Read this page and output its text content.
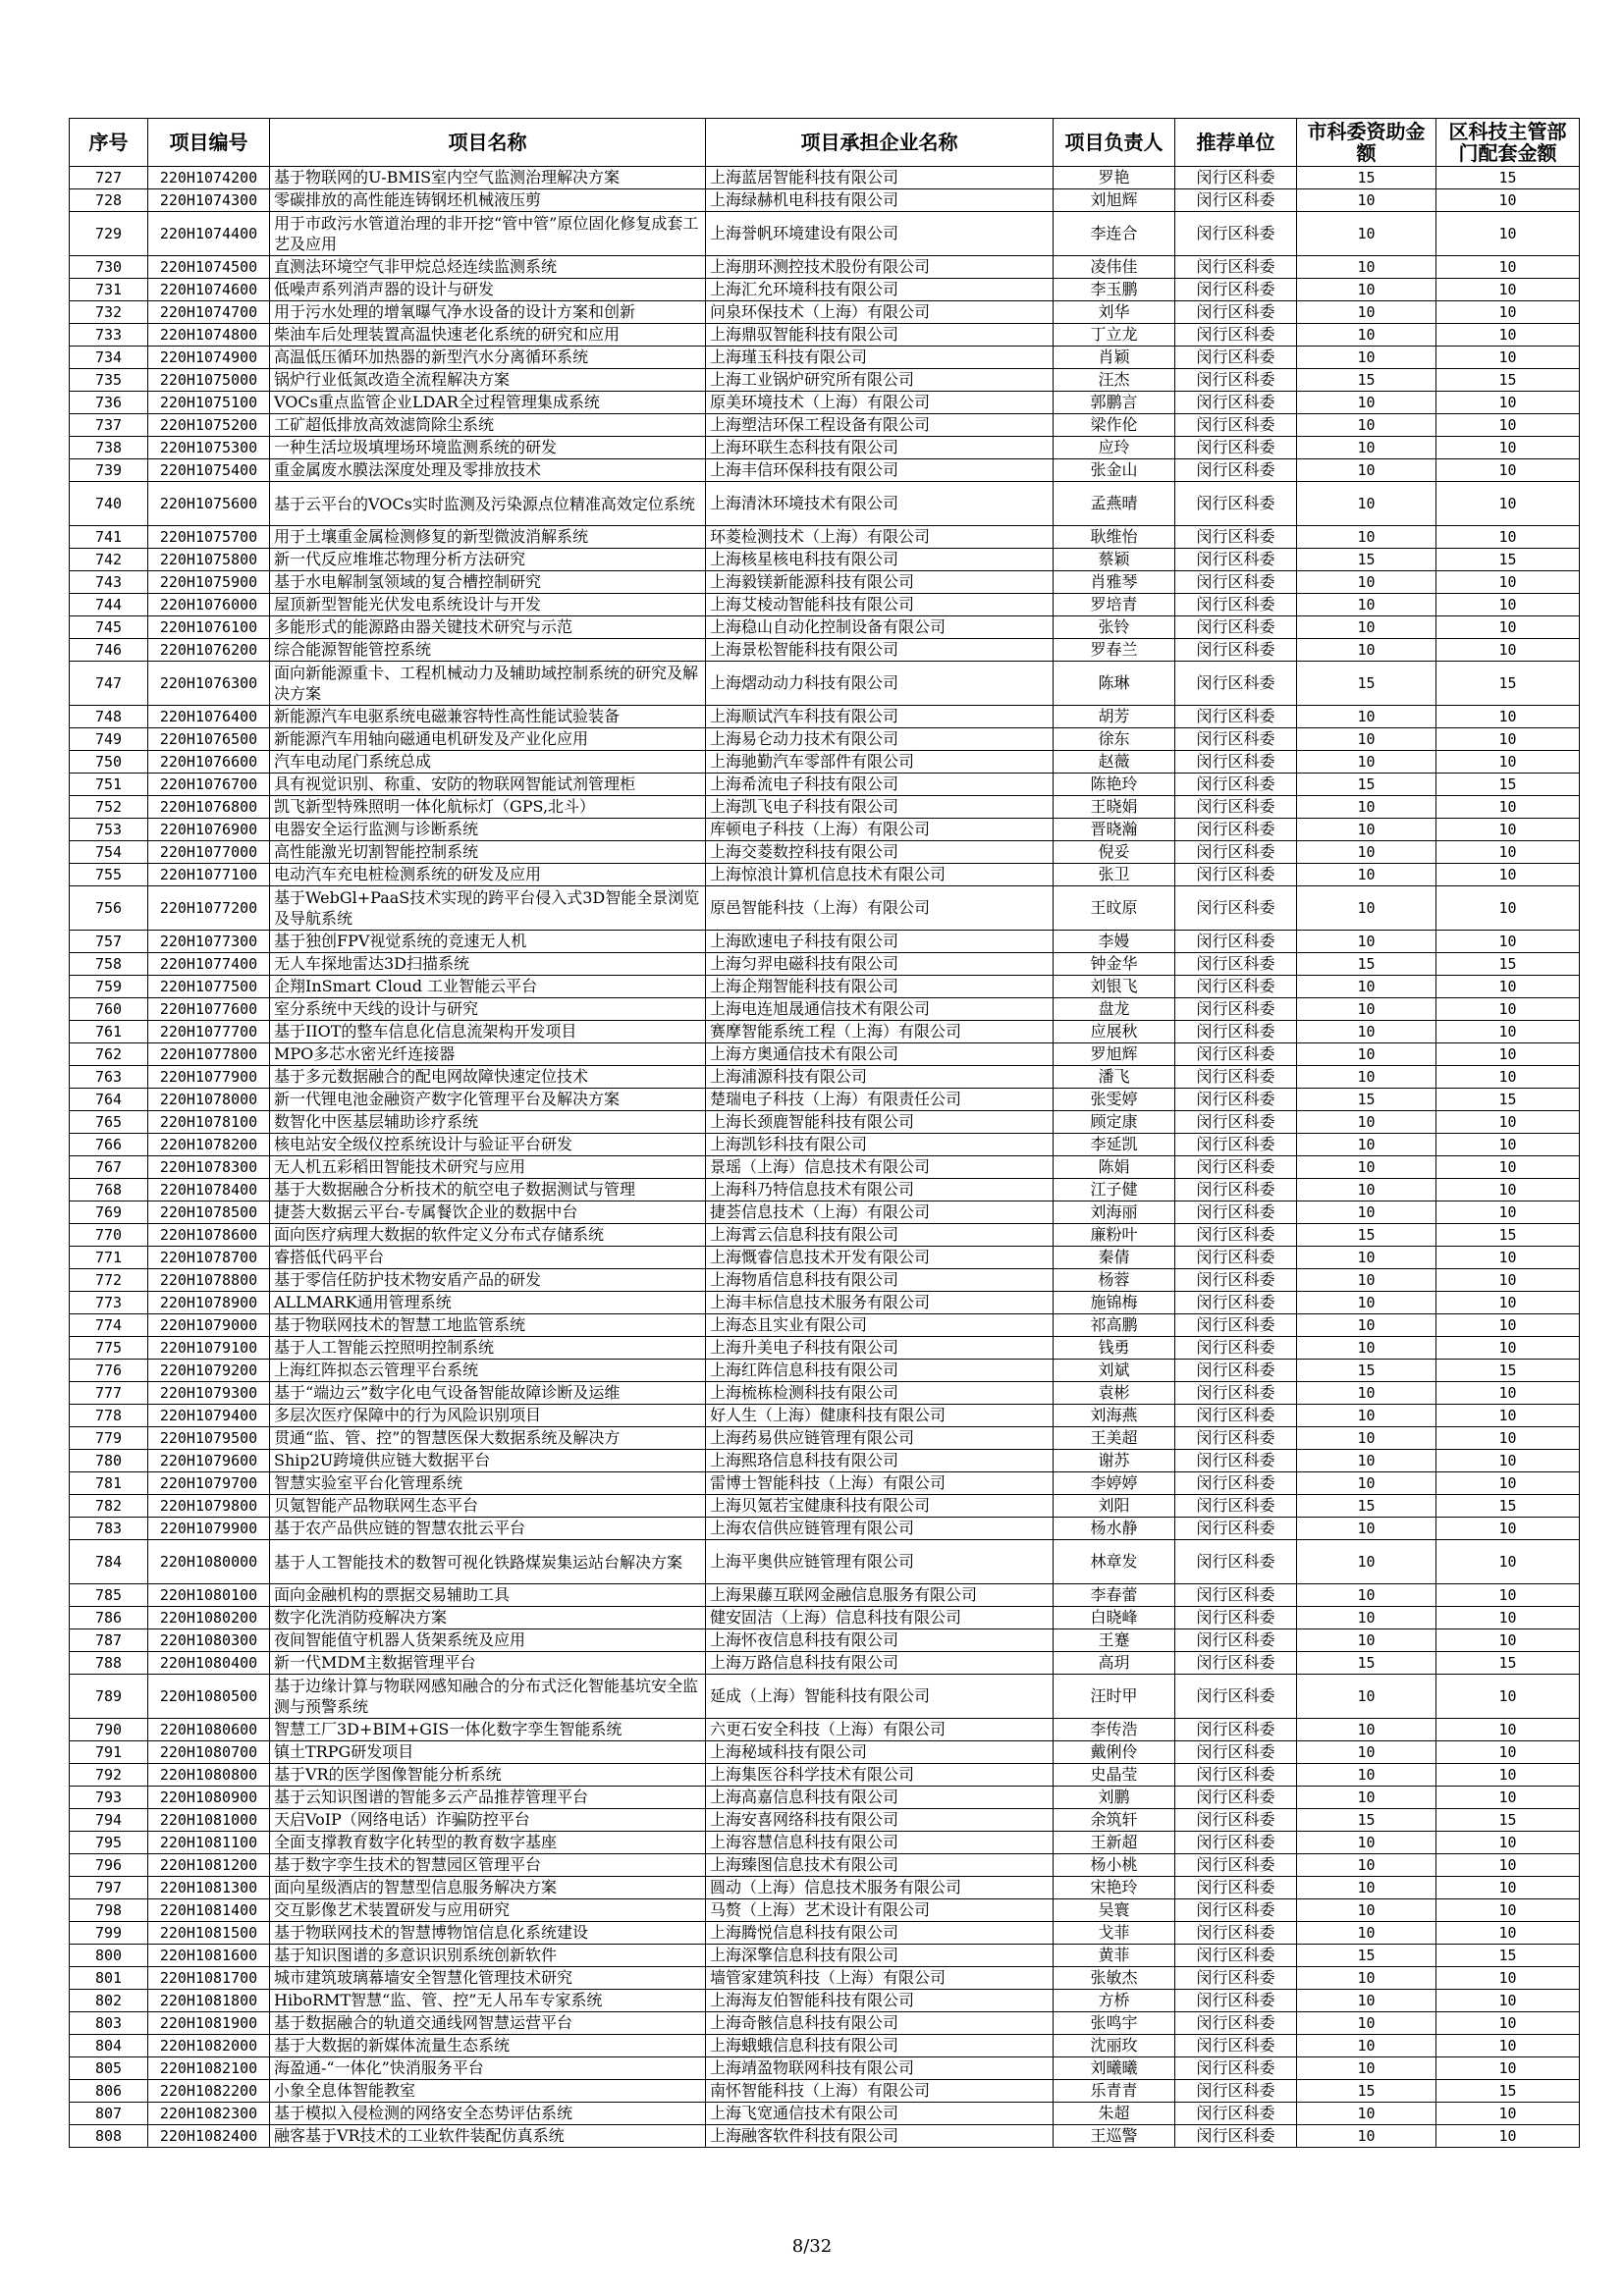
序号	项目编号	项目名称	项目承担企业名称	项目负责人	推荐单位	市科委资助金额	区科技主管部门配套金额
727	220H1074200	基于物联网的U-BMIS室内空气监测治理解决方案	上海蓝居智能科技有限公司	罗艳	闵行区科委	15	15
728	220H1074300	零碳排放的高性能连铸钢坯机械液压剪	上海绿赫机电科技有限公司	刘旭辉	闵行区科委	10	10
729	220H1074400	用于市政污水管道治理的非开挖“管中管”原位固化修复成套工艺及应用	上海誉帆环境建设有限公司	李连合	闵行区科委	10	10
730	220H1074500	直测法环境空气非甲烷总烃连续监测系统	上海朋环测控技术股份有限公司	凌伟佳	闵行区科委	10	10
731	220H1074600	低噪声系列消声器的设计与研发	上海汇允环境科技有限公司	李玉鹏	闵行区科委	10	10
732	220H1074700	用于污水处理的增氧曝气净水设备的设计方案和创新	问泉环保技术（上海）有限公司	刘华	闵行区科委	10	10
733	220H1074800	柴油车后处理装置高温快速老化系统的研究和应用	上海鼎驭智能科技有限公司	丁立龙	闵行区科委	10	10
734	220H1074900	高温低压循环加热器的新型汽水分离循环系统	上海瑾玉科技有限公司	肖颖	闵行区科委	10	10
735	220H1075000	锅炉行业低氮改造全流程解决方案	上海工业锅炉研究所有限公司	汪杰	闵行区科委	15	15
736	220H1075100	VOCs重点监管企业LDAR全过程管理集成系统	原美环境技术（上海）有限公司	郭鹏言	闵行区科委	10	10
737	220H1075200	工矿超低排放高效滤筒除尘系统	上海塑洁环保工程设备有限公司	梁作伦	闵行区科委	10	10
738	220H1075300	一种生活垃圾填埋场环境监测系统的研发	上海环联生态科技有限公司	应玲	闵行区科委	10	10
739	220H1075400	重金属废水膜法深度处理及零排放技术	上海丰信环保科技有限公司	张金山	闵行区科委	10	10
740	220H1075600	基于云平台的VOCs实时监测及污染源点位精准高效定位系统	上海清沐环境技术有限公司	孟燕晴	闵行区科委	10	10
741	220H1075700	用于土壤重金属检测修复的新型微波消解系统	环菱检测技术（上海）有限公司	耿维怡	闵行区科委	10	10
742	220H1075800	新一代反应堆堆芯物理分析方法研究	上海核星核电科技有限公司	蔡颖	闵行区科委	15	15
743	220H1075900	基于水电解制氢领域的复合槽控制研究	上海毅镁新能源科技有限公司	肖雅琴	闵行区科委	10	10
744	220H1076000	屋顶新型智能光伏发电系统设计与开发	上海艾棱动智能科技有限公司	罗培青	闵行区科委	10	10
745	220H1076100	多能形式的能源路由器关键技术研究与示范	上海稳山自动化控制设备有限公司	张铃	闵行区科委	10	10
746	220H1076200	综合能源智能管控系统	上海景松智能科技有限公司	罗春兰	闵行区科委	10	10
747	220H1076300	面向新能源重卡、工程机械动力及辅助域控制系统的研究及解决方案	上海熠动动力科技有限公司	陈琳	闵行区科委	15	15
748	220H1076400	新能源汽车电驱系统电磁兼容特性高性能试验装备	上海顺试汽车科技有限公司	胡芳	闵行区科委	10	10
749	220H1076500	新能源汽车用轴向磁通电机研发及产业化应用	上海易仑动力技术有限公司	徐东	闵行区科委	10	10
750	220H1076600	汽车电动尾门系统总成	上海驰勤汽车零部件有限公司	赵薇	闵行区科委	10	10
751	220H1076700	具有视觉识别、称重、安防的物联网智能试剂管理柜	上海希流电子科技有限公司	陈艳玲	闵行区科委	15	15
752	220H1076800	凯飞新型特殊照明一体化航标灯（GPS,北斗）	上海凯飞电子科技有限公司	王晓娟	闵行区科委	10	10
753	220H1076900	电器安全运行监测与诊断系统	库顿电子科技（上海）有限公司	晋晓瀚	闵行区科委	10	10
754	220H1077000	高性能激光切割智能控制系统	上海交菱数控科技有限公司	倪妥	闵行区科委	10	10
755	220H1077100	电动汽车充电桩检测系统的研发及应用	上海惊浪计算机信息技术有限公司	张卫	闵行区科委	10	10
756	220H1077200	基于WebGl+PaaS技术实现的跨平台侵入式3D智能全景浏览及导航系统	原邑智能科技（上海）有限公司	王旼原	闵行区科委	10	10
757	220H1077300	基于独创FPV视觉系统的竞速无人机	上海欧速电子科技有限公司	李嫚	闵行区科委	10	10
758	220H1077400	无人车探地雷达3D扫描系统	上海匀羿电磁科技有限公司	钟金华	闵行区科委	15	15
759	220H1077500	企翔InSmart Cloud 工业智能云平台	上海企翔智能科技有限公司	刘银飞	闵行区科委	10	10
760	220H1077600	室分系统中天线的设计与研究	上海电连旭晟通信技术有限公司	盘龙	闵行区科委	10	10
761	220H1077700	基于IIOT的整车信息化信息流架构开发项目	赛摩智能系统工程（上海）有限公司	应展秋	闵行区科委	10	10
762	220H1077800	MPO多芯水密光纤连接器	上海方奥通信技术有限公司	罗旭辉	闵行区科委	10	10
763	220H1077900	基于多元数据融合的配电网故障快速定位技术	上海浦源科技有限公司	潘飞	闵行区科委	10	10
764	220H1078000	新一代锂电池金融资产数字化管理平台及解决方案	楚瑞电子科技（上海）有限责任公司	张雯婷	闵行区科委	15	15
765	220H1078100	数智化中医基层辅助诊疗系统	上海长颈鹿智能科技有限公司	顾定康	闵行区科委	10	10
766	220H1078200	核电站安全级仪控系统设计与验证平台研发	上海凯钐科技有限公司	李延凯	闵行区科委	10	10
767	220H1078300	无人机五彩稻田智能技术研究与应用	景瑶（上海）信息技术有限公司	陈娟	闵行区科委	10	10
768	220H1078400	基于大数据融合分析技术的航空电子数据测试与管理	上海科乃特信息技术有限公司	江子健	闵行区科委	10	10
769	220H1078500	捷荟大数据云平台-专属餐饮企业的数据中台	捷荟信息技术（上海）有限公司	刘海丽	闵行区科委	10	10
770	220H1078600	面向医疗病理大数据的软件定义分布式存储系统	上海霄云信息科技有限公司	廉粉叶	闵行区科委	15	15
771	220H1078700	睿搭低代码平台	上海慨睿信息技术开发有限公司	秦倩	闵行区科委	10	10
772	220H1078800	基于零信任防护技术物安盾产品的研发	上海物盾信息科技有限公司	杨蓉	闵行区科委	10	10
773	220H1078900	ALLMARK通用管理系统	上海丰标信息技术服务有限公司	施锦梅	闵行区科委	10	10
774	220H1079000	基于物联网技术的智慧工地监管系统	上海态且实业有限公司	祁高鹏	闵行区科委	10	10
775	220H1079100	基于人工智能云控照明控制系统	上海升美电子科技有限公司	钱勇	闵行区科委	10	10
776	220H1079200	上海红阵拟态云管理平台系统	上海红阵信息科技有限公司	刘斌	闵行区科委	15	15
777	220H1079300	基于“端边云”数字化电气设备智能故障诊断及运维	上海梳栋检测科技有限公司	袁彬	闵行区科委	10	10
778	220H1079400	多层次医疗保障中的行为风险识别项目	好人生（上海）健康科技有限公司	刘海燕	闵行区科委	10	10
779	220H1079500	贯通“监、管、控”的智慧医保大数据系统及解决方	上海药易供应链管理有限公司	王美超	闵行区科委	10	10
780	220H1079600	Ship2U跨境供应链大数据平台	上海熙珞信息科技有限公司	谢苏	闵行区科委	10	10
781	220H1079700	智慧实验室平台化管理系统	雷博士智能科技（上海）有限公司	李婷婷	闵行区科委	10	10
782	220H1079800	贝氪智能产品物联网生态平台	上海贝氪若宝健康科技有限公司	刘阳	闵行区科委	15	15
783	220H1079900	基于农产品供应链的智慧农批云平台	上海农信供应链管理有限公司	杨水静	闵行区科委	10	10
784	220H1080000	基于人工智能技术的数智可视化铁路煤炭集运站台解决方案	上海平奥供应链管理有限公司	林章发	闵行区科委	10	10
785	220H1080100	面向金融机构的票据交易辅助工具	上海果藤互联网金融信息服务有限公司	李春蕾	闵行区科委	10	10
786	220H1080200	数字化洗消防疫解决方案	健安固洁（上海）信息科技有限公司	白晓峰	闵行区科委	10	10
787	220H1080300	夜间智能值守机器人货架系统及应用	上海怀夜信息科技有限公司	王蹇	闵行区科委	10	10
788	220H1080400	新一代MDM主数据管理平台	上海万路信息科技有限公司	高玥	闵行区科委	15	15
789	220H1080500	基于边缘计算与物联网感知融合的分布式泛化智能基坑安全监测与预警系统	延成（上海）智能科技有限公司	汪时甲	闵行区科委	10	10
790	220H1080600	智慧工厂3D+BIM+GIS一体化数字孪生智能系统	六更石安全科技（上海）有限公司	李传浩	闵行区科委	10	10
791	220H1080700	镇土TRPG研发项目	上海秘域科技有限公司	戴俐伶	闵行区科委	10	10
792	220H1080800	基于VR的医学图像智能分析系统	上海集医谷科学技术有限公司	史晶莹	闵行区科委	10	10
793	220H1080900	基于云知识图谱的智能多云产品推荐管理平台	上海高嘉信息科技有限公司	刘鹏	闵行区科委	10	10
794	220H1081000	天启VoIP（网络电话）诈骗防控平台	上海安喜网络科技有限公司	余筑轩	闵行区科委	15	15
795	220H1081100	全面支撑教育数字化转型的教育数字基座	上海容慧信息科技有限公司	王新超	闵行区科委	10	10
796	220H1081200	基于数字孪生技术的智慧园区管理平台	上海臻图信息技术有限公司	杨小桃	闵行区科委	10	10
797	220H1081300	面向星级酒店的智慧型信息服务解决方案	圆动（上海）信息技术服务有限公司	宋艳玲	闵行区科委	10	10
798	220H1081400	交互影像艺术装置研发与应用研究	马赘（上海）艺术设计有限公司	吴寰	闵行区科委	10	10
799	220H1081500	基于物联网技术的智慧博物馆信息化系统建设	上海腾悦信息科技有限公司	戈菲	闵行区科委	10	10
800	220H1081600	基于知识图谱的多意识识别系统创新软件	上海深擎信息科技有限公司	黄菲	闵行区科委	15	15
801	220H1081700	城市建筑玻璃幕墙安全智慧化管理技术研究	墙管家建筑科技（上海）有限公司	张敏杰	闵行区科委	10	10
802	220H1081800	HiboRMT智慧“监、管、控”无人吊车专家系统	上海海友伯智能科技有限公司	方桥	闵行区科委	10	10
803	220H1081900	基于数据融合的轨道交通线网智慧运营平台	上海奇骸信息科技有限公司	张鸣宇	闵行区科委	10	10
804	220H1082000	基于大数据的新媒体流量生态系统	上海蛾蛾信息科技有限公司	沈丽玫	闵行区科委	10	10
805	220H1082100	海盈通-“一体化”快消服务平台	上海靖盈物联网科技有限公司	刘曦曦	闵行区科委	10	10
806	220H1082200	小象全息体智能教室	南怀智能科技（上海）有限公司	乐青青	闵行区科委	15	15
807	220H1082300	基于模拟入侵检测的网络安全态势评估系统	上海飞宽通信技术有限公司	朱超	闵行区科委	10	10
808	220H1082400	融客基于VR技术的工业软件装配仿真系统	上海融客软件科技有限公司	王巡警	闵行区科委	10	10
8/32
